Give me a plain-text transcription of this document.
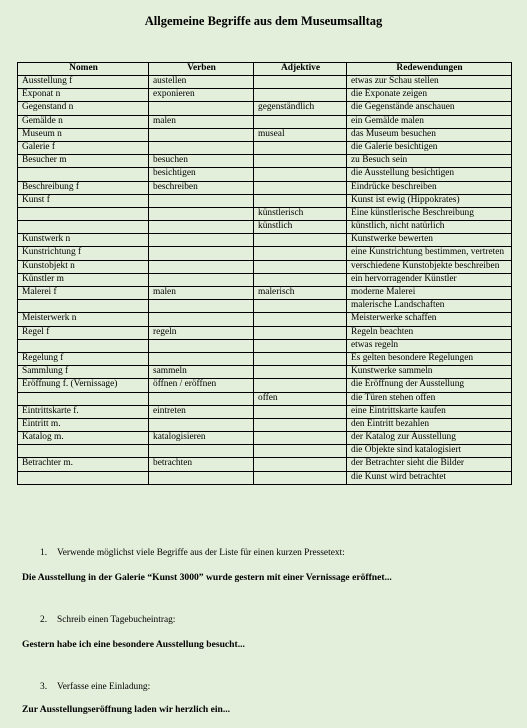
Allgemeine Begriffe aus dem Museumsalltag
Nomen	Verben	Adjektive	Redewendungen
Ausstellung f	austellen		etwas zur Schau stellen
Exponat n	exponieren		die Exponate zeigen
Gegenstand n		gegenständlich	die Gegenstände anschauen
Gemälde n	malen		ein Gemälde malen
Museum n		museal	das Museum besuchen
Galerie f			die Galerie besichtigen
Besucher m	besuchen		zu Besuch sein
	besichtigen		die Ausstellung besichtigen
Beschreibung f	beschreiben		Eindrücke beschreiben
Kunst f			Kunst ist ewig (Hippokrates)
		künstlerisch	Eine künstlerische Beschreibung
		künstlich	künstlich, nicht natürlich
Kunstwerk n			Kunstwerke bewerten
Kunstrichtung f			eine Kunstrichtung bestimmen, vertreten
Kunstobjekt n			verschiedene Kunstobjekte beschreiben
Künstler m			ein hervorragender Künstler
Malerei f	malen	malerisch	moderne Malerei
			malerische Landschaften
Meisterwerk n			Meisterwerke schaffen
Regel f	regeln		Regeln beachten
			etwas regeln
Regelung f			Es gelten besondere Regelungen
Sammlung f	sammeln		Kunstwerke sammeln
Eröffnung f. (Vernissage)	öffnen / eröffnen		die Eröffnung der Ausstellung
		offen	die Türen stehen offen
Eintrittskarte f.	eintreten		eine Eintrittskarte kaufen
Eintritt m.			den Eintritt bezahlen
Katalog m.	katalogisieren		der Katalog zur Ausstellung
			die Objekte sind katalogisiert
Betrachter m.	betrachten		der Betrachter sieht die Bilder
			die Kunst wird betrachtet
1. Verwende möglichst viele Begriffe aus der Liste für einen kurzen Pressetext:
Die Ausstellung in der Galerie “Kunst 3000” wurde gestern mit einer Vernissage eröffnet...
2. Schreib einen Tagebucheintrag:
Gestern habe ich eine besondere Ausstellung besucht...
3. Verfasse eine Einladung:
Zur Ausstellungseröffnung laden wir herzlich ein...
